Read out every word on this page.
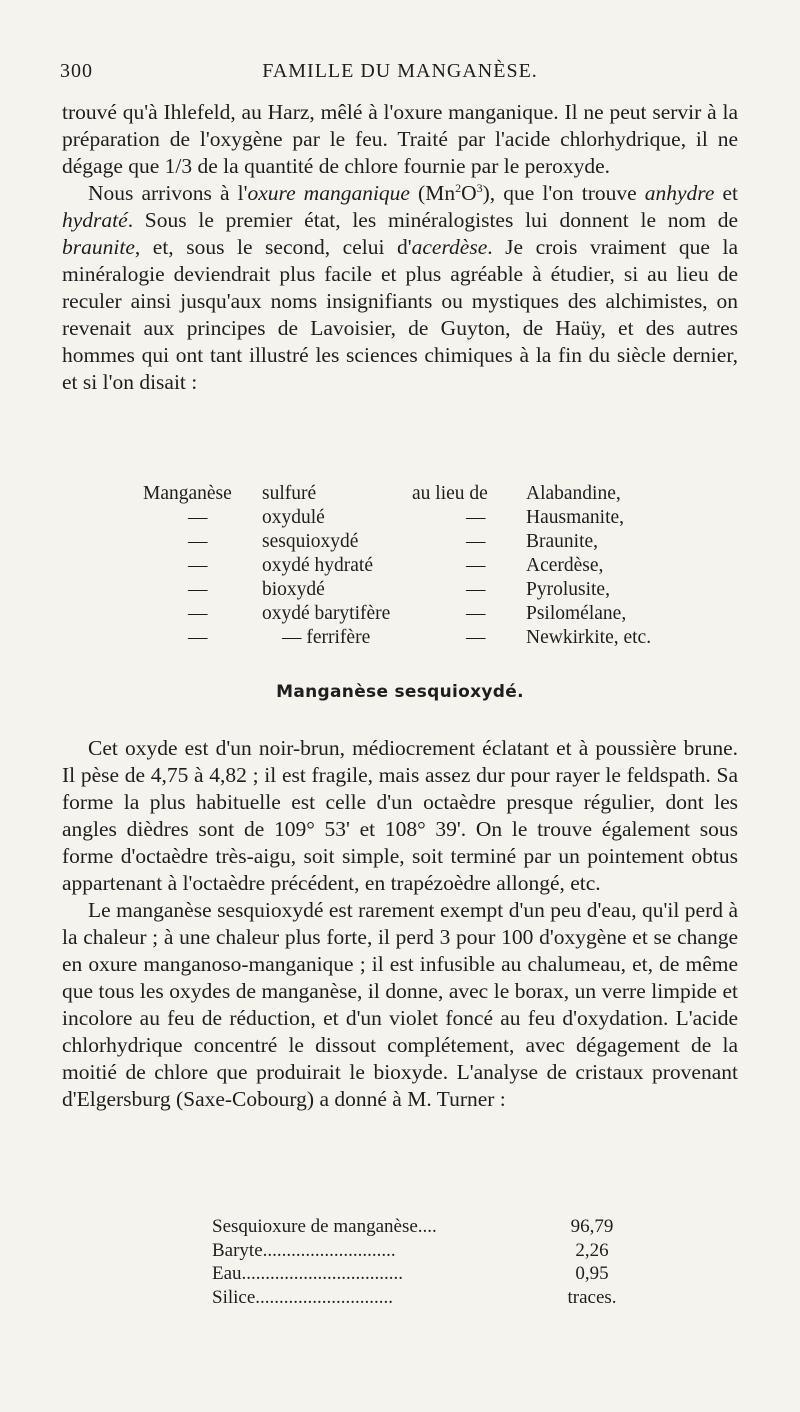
300	FAMILLE DU MANGANÈSE.

trouvé qu'à Ihlefeld, au Harz, mêlé à l'oxure manganique. Il ne peut servir à la préparation de l'oxygène par le feu. Traité par l'acide chlorhydrique, il ne dégage que 1/3 de la quantité de chlore fournie par le peroxyde.

Nous arrivons à l'oxure manganique $(Mn^2O^3)$, que l'on trouve anhydre et hydraté. Sous le premier état, les minéralogistes lui donnent le nom de braunite, et, sous le second, celui d'acerdèse. Je crois vraiment que la minéralogie deviendrait plus facile et plus agréable à étudier, si au lieu de reculer ainsi jusqu'aux noms insignifiants ou mystiques des alchimistes, on revenait aux principes de Lavoisier, de Guyton, de Haüy, et des autres hommes qui ont tant illustré les sciences chimiques à la fin du siècle dernier, et si l'on disait :

Manganèse sulfuré	au lieu de Alabandine,
—	oxydulé	— Hausmanite,
—	sesquioxydé	— Braunite,
—	oxydé hydraté	— Acerdèse,
—	bioxydé	— Pyrolusite,
—	oxydé barytifère	— Psilomélane,
—	— ferrifère	— Newkirkite, etc.
Manganèse sesquioxydé.

Cet oxyde est d'un noir-brun, médiocrement éclatant et à poussière brune. Il pèse de 4,75 à 4,82 ; il est fragile, mais assez dur pour rayer le feldspath. Sa forme la plus habituelle est celle d'un octaèdre presque régulier, dont les angles dièdres sont de 109° 53' et 108° 39'. On le trouve également sous forme d'octaèdre très-aigu, soit simple, soit terminé par un pointement obtus appartenant à l'octaèdre précédent, en trapézoèdre allongé, etc.

Le manganèse sesquioxydé est rarement exempt d'un peu d'eau, qu'il perd à la chaleur ; à une chaleur plus forte, il perd 3 pour 100 d'oxygène et se change en oxure manganoso-manganique ; il est infusible au chalumeau, et, de même que tous les oxydes de manganèse, il donne, avec le borax, un verre limpide et incolore au feu de réduction, et d'un violet foncé au feu d'oxydation. L'acide chlorhydrique concentré le dissout complétement, avec dégagement de la moitié de chlore que produirait le bioxyde. L'analyse de cristaux provenant d'Elgersburg (Saxe-Cobourg) a donné à M. Turner :

Sesquioxure de manganèse....	96,79
Baryte............................	2,26
Eau..................................	0,95
Silice.............................	traces.
